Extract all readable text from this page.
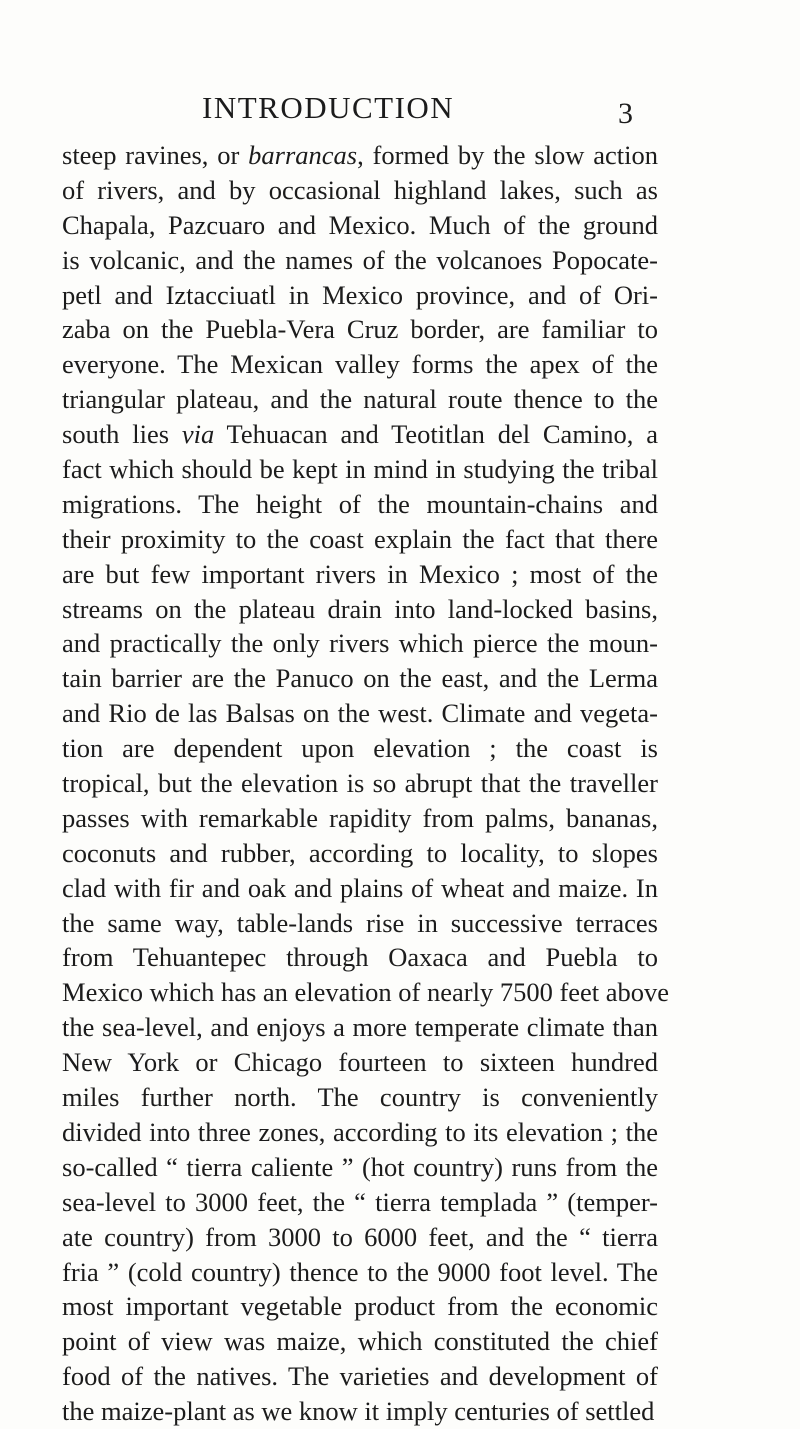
INTRODUCTION	3
steep ravines, or barrancas, formed by the slow action
of rivers, and by occasional highland lakes, such as
Chapala, Pazcuaro and Mexico. Much of the ground
is volcanic, and the names of the volcanoes Popocate-
petl and Iztacciuatl in Mexico province, and of Ori-
zaba on the Puebla-Vera Cruz border, are familiar to
everyone. The Mexican valley forms the apex of the
triangular plateau, and the natural route thence to the
south lies via Tehuacan and Teotitlan del Camino, a
fact which should be kept in mind in studying the tribal
migrations. The height of the mountain-chains and
their proximity to the coast explain the fact that there
are but few important rivers in Mexico ; most of the
streams on the plateau drain into land-locked basins,
and practically the only rivers which pierce the moun-
tain barrier are the Panuco on the east, and the Lerma
and Rio de las Balsas on the west. Climate and vegeta-
tion are dependent upon elevation ; the coast is
tropical, but the elevation is so abrupt that the traveller
passes with remarkable rapidity from palms, bananas,
coconuts and rubber, according to locality, to slopes
clad with fir and oak and plains of wheat and maize. In
the same way, table-lands rise in successive terraces
from Tehuantepec through Oaxaca and Puebla to
Mexico which has an elevation of nearly 7500 feet above
the sea-level, and enjoys a more temperate climate than
New York or Chicago fourteen to sixteen hundred
miles further north. The country is conveniently
divided into three zones, according to its elevation ; the
so-called “ tierra caliente ” (hot country) runs from the
sea-level to 3000 feet, the “ tierra templada ” (temper-
ate country) from 3000 to 6000 feet, and the “ tierra
fria ” (cold country) thence to the 9000 foot level. The
most important vegetable product from the economic
point of view was maize, which constituted the chief
food of the natives. The varieties and development of
the maize-plant as we know it imply centuries of settled
